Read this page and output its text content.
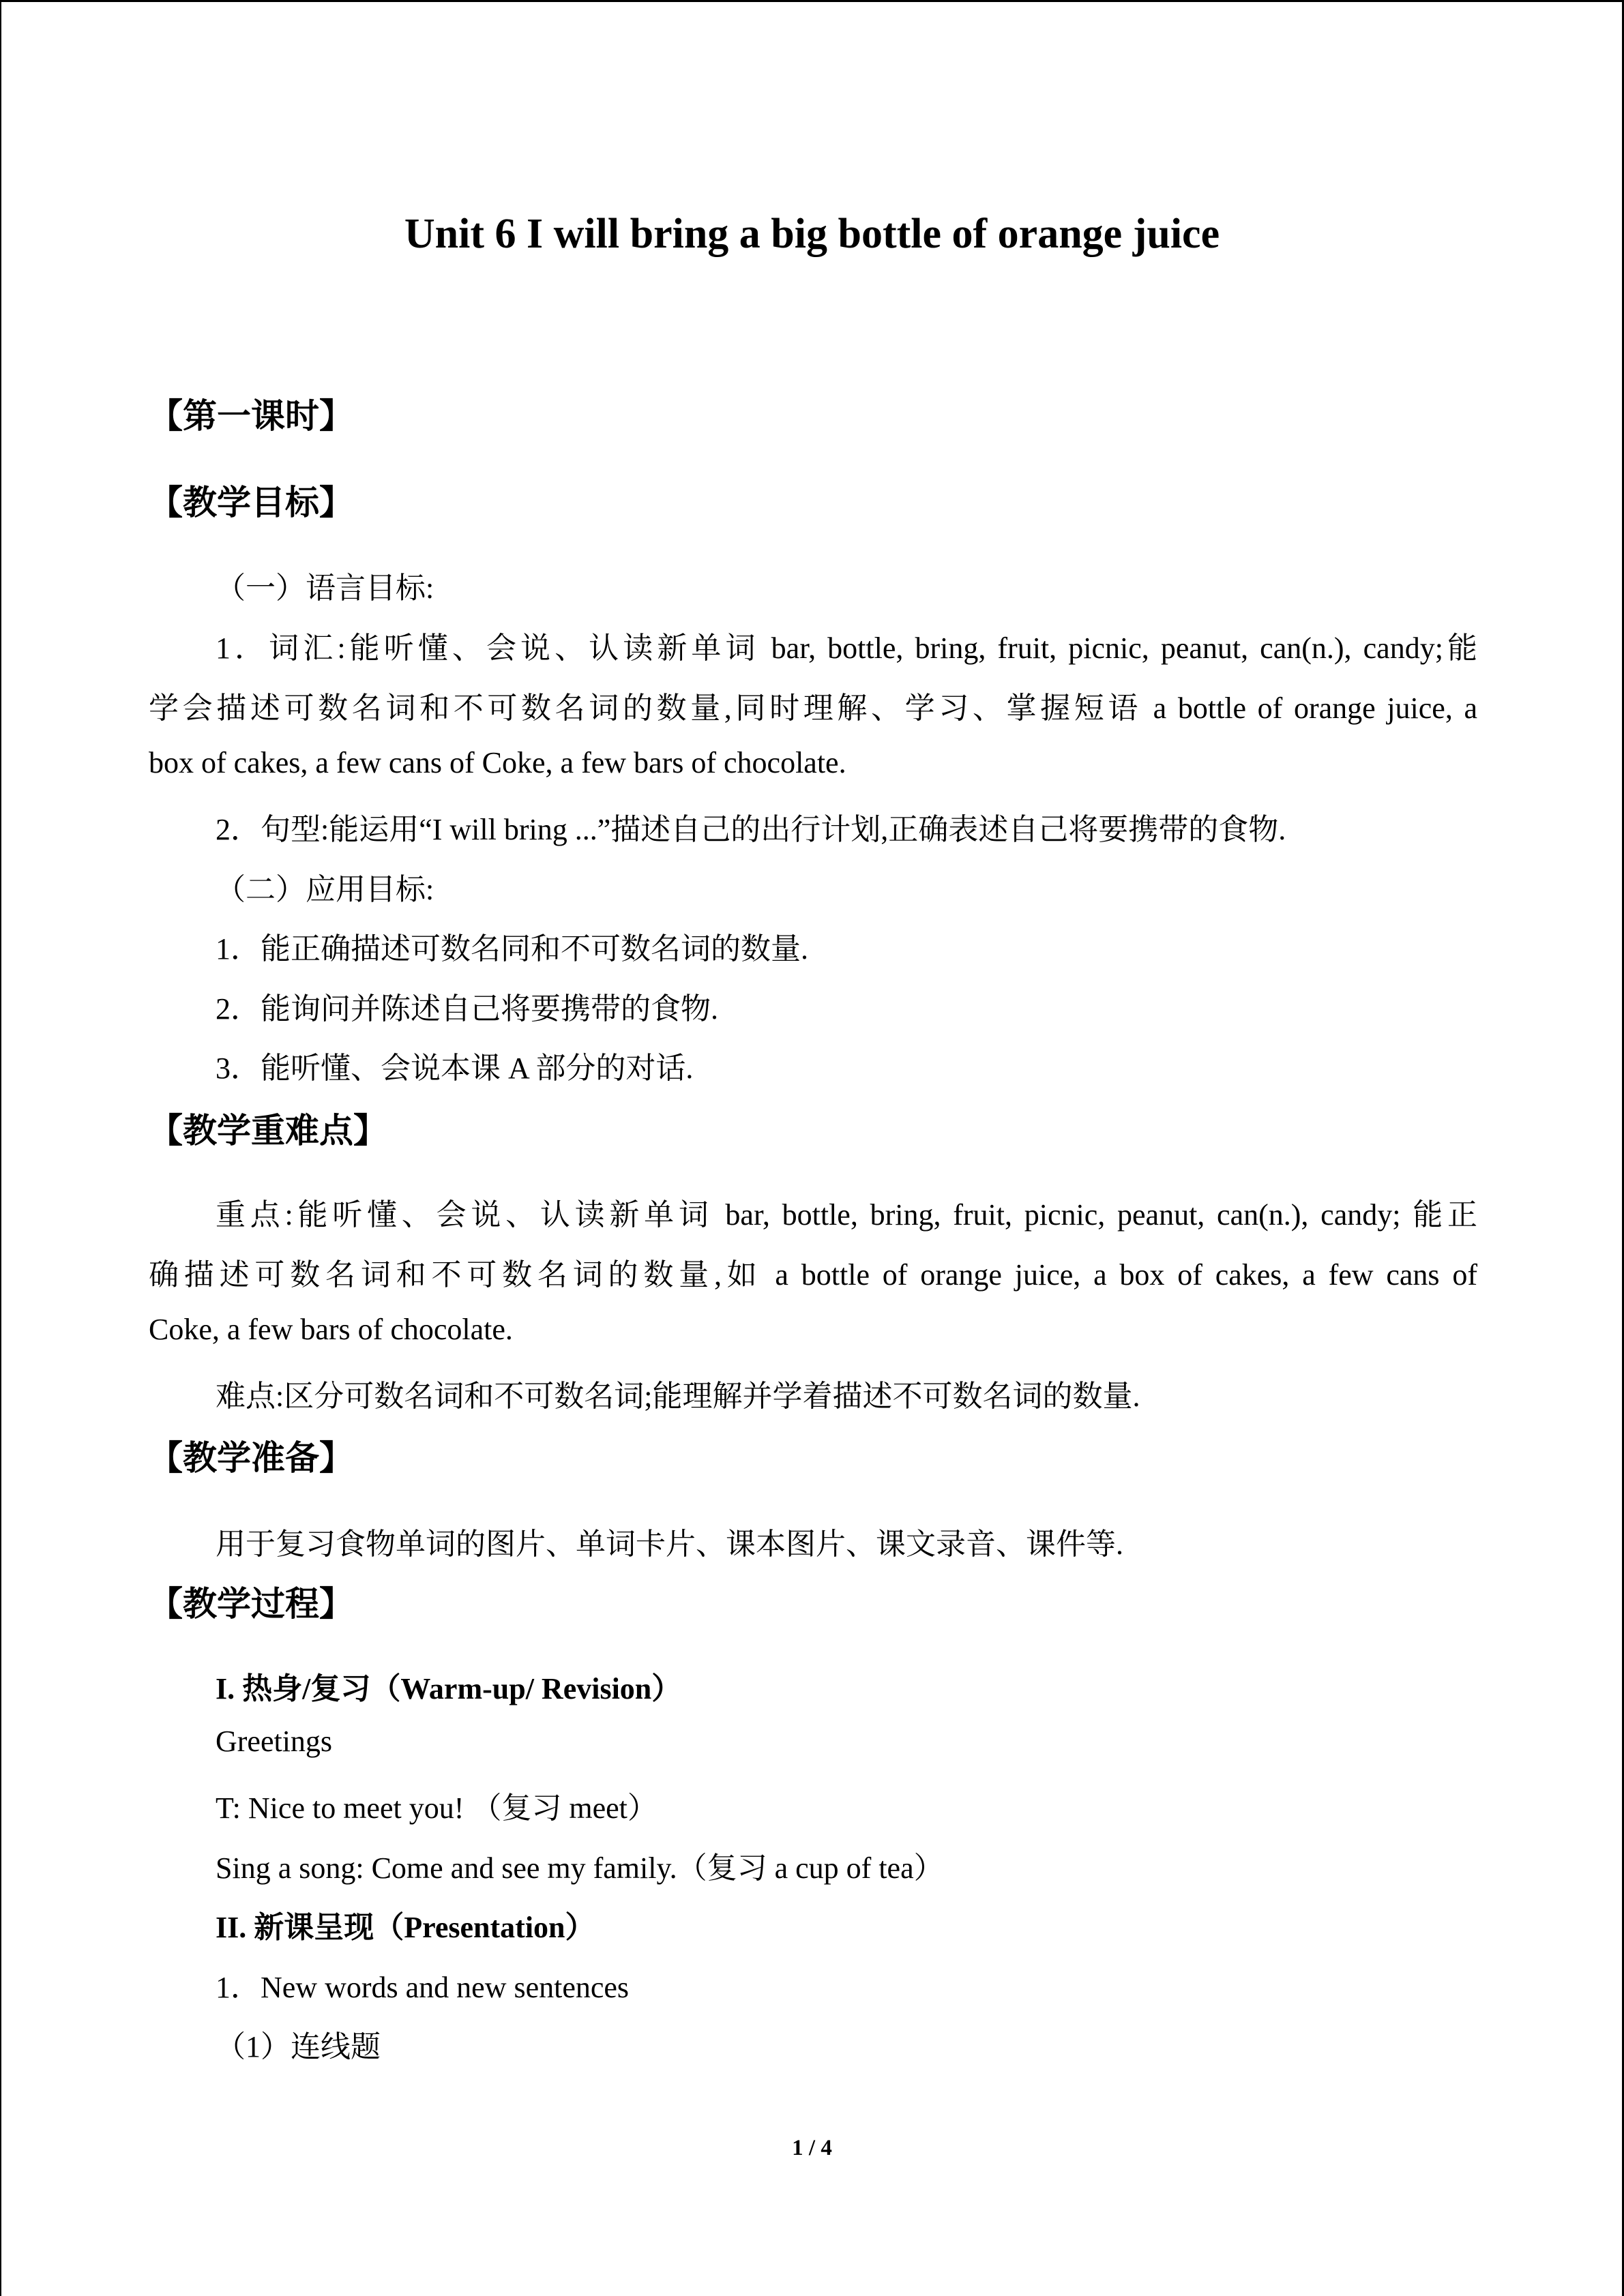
Unit 6 I will bring a big bottle of orange juice
【第一课时】
【教学目标】
（一）语言目标:
1．词汇:能听懂、会说、认读新单词 bar, bottle, bring, fruit, picnic, peanut, can(n.), candy;能
学会描述可数名词和不可数名词的数量,同时理解、学习、掌握短语 a bottle of orange juice, a
box of cakes, a few cans of Coke, a few bars of chocolate.
2．句型:能运用“I will bring ...”描述自己的出行计划,正确表述自己将要携带的食物.
（二）应用目标:
1．能正确描述可数名同和不可数名词的数量.
2．能询问并陈述自己将要携带的食物.
3．能听懂、会说本课 A 部分的对话.
【教学重难点】
重点:能听懂、会说、认读新单词 bar, bottle, bring, fruit, picnic, peanut, can(n.), candy; 能正
确描述可数名词和不可数名词的数量,如 a bottle of orange juice, a box of cakes, a few cans of
Coke, a few bars of chocolate.
难点:区分可数名词和不可数名词;能理解并学着描述不可数名词的数量.
【教学准备】
用于复习食物单词的图片、单词卡片、课本图片、课文录音、课件等.
【教学过程】
I. 热身/复习（Warm-up/ Revision）
Greetings
T: Nice to meet you! （复习 meet）
Sing a song: Come and see my family.（复习 a cup of tea）
II. 新课呈现（Presentation）
1．New words and new sentences
（1）连线题
1 / 4
